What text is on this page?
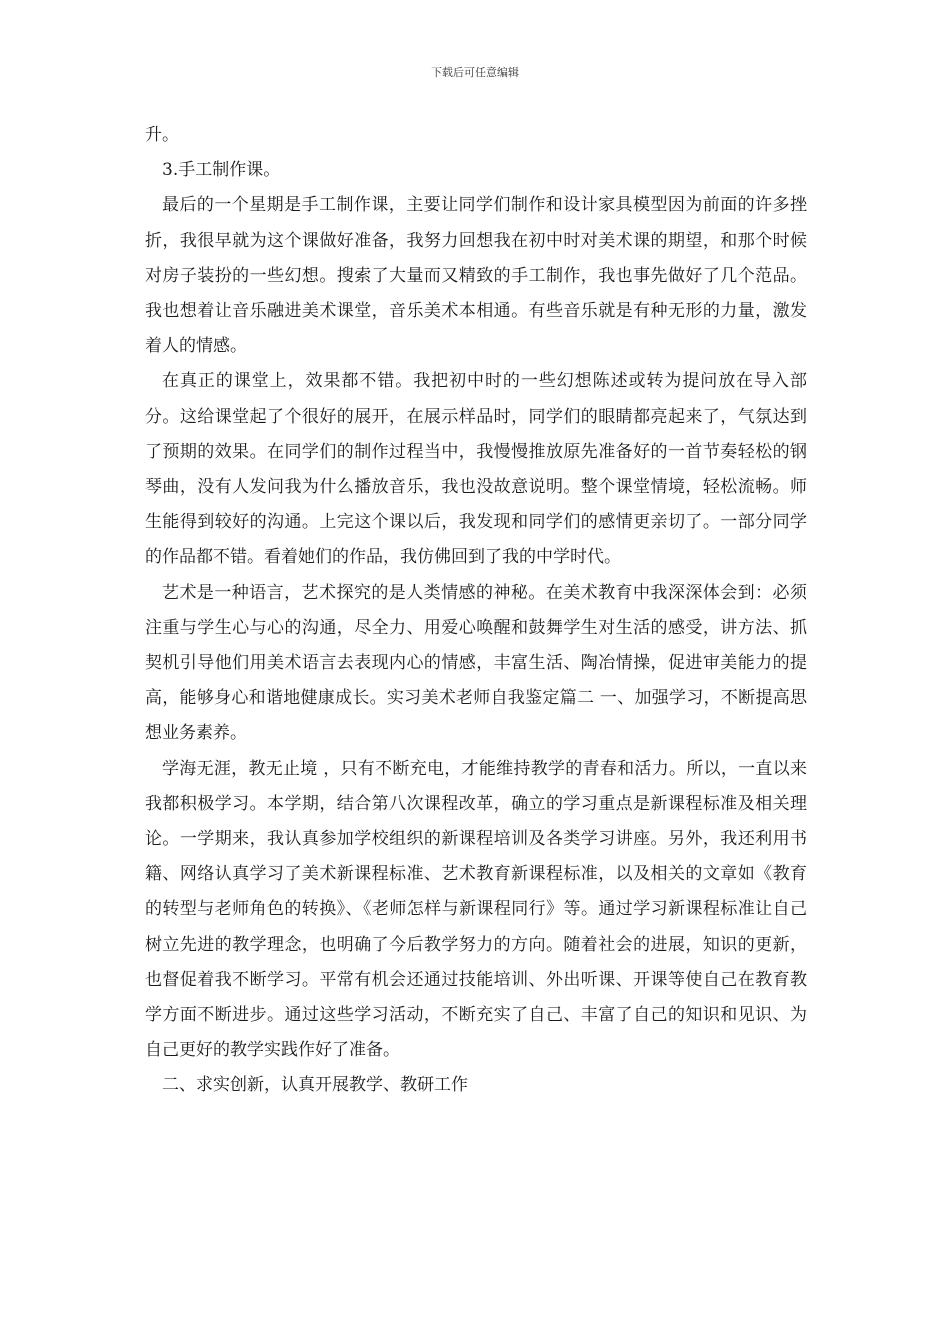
下载后可任意编辑

升。

3.手工制作课。

最后的一个星期是手工制作课，主要让同学们制作和设计家具模型因为前面的许多挫折，我很早就为这个课做好准备，我努力回想我在初中时对美术课的期望，和那个时候对房子装扮的一些幻想。搜索了大量而又精致的手工制作，我也事先做好了几个范品。我也想着让音乐融进美术课堂，音乐美术本相通。有些音乐就是有种无形的力量，激发着人的情感。

在真正的课堂上，效果都不错。我把初中时的一些幻想陈述或转为提问放在导入部分。这给课堂起了个很好的展开，在展示样品时，同学们的眼睛都亮起来了，气氛达到了预期的效果。在同学们的制作过程当中，我慢慢推放原先准备好的一首节奏轻松的钢琴曲，没有人发问我为什么播放音乐，我也没故意说明。整个课堂情境，轻松流畅。师生能得到较好的沟通。上完这个课以后，我发现和同学们的感情更亲切了。一部分同学的作品都不错。看着她们的作品，我仿佛回到了我的中学时代。

艺术是一种语言，艺术探究的是人类情感的神秘。在美术教育中我深深体会到：必须注重与学生心与心的沟通，尽全力、用爱心唤醒和鼓舞学生对生活的感受，讲方法、抓契机引导他们用美术语言去表现内心的情感，丰富生活、陶冶情操，促进审美能力的提高，能够身心和谐地健康成长。实习美术老师自我鉴定篇二 一、加强学习，不断提高思想业务素养。

学海无涯，教无止境 ，只有不断充电，才能维持教学的青春和活力。所以，一直以来我都积极学习。本学期，结合第八次课程改革，确立的学习重点是新课程标准及相关理论。一学期来，我认真参加学校组织的新课程培训及各类学习讲座。另外，我还利用书籍、网络认真学习了美术新课程标准、艺术教育新课程标准，以及相关的文章如《教育的转型与老师角色的转换》、《老师怎样与新课程同行》等。通过学习新课程标准让自己树立先进的教学理念，也明确了今后教学努力的方向。随着社会的进展，知识的更新，也督促着我不断学习。平常有机会还通过技能培训、外出听课、开课等使自己在教育教学方面不断进步。通过这些学习活动，不断充实了自己、丰富了自己的知识和见识、为自己更好的教学实践作好了准备。

二、求实创新，认真开展教学、教研工作
